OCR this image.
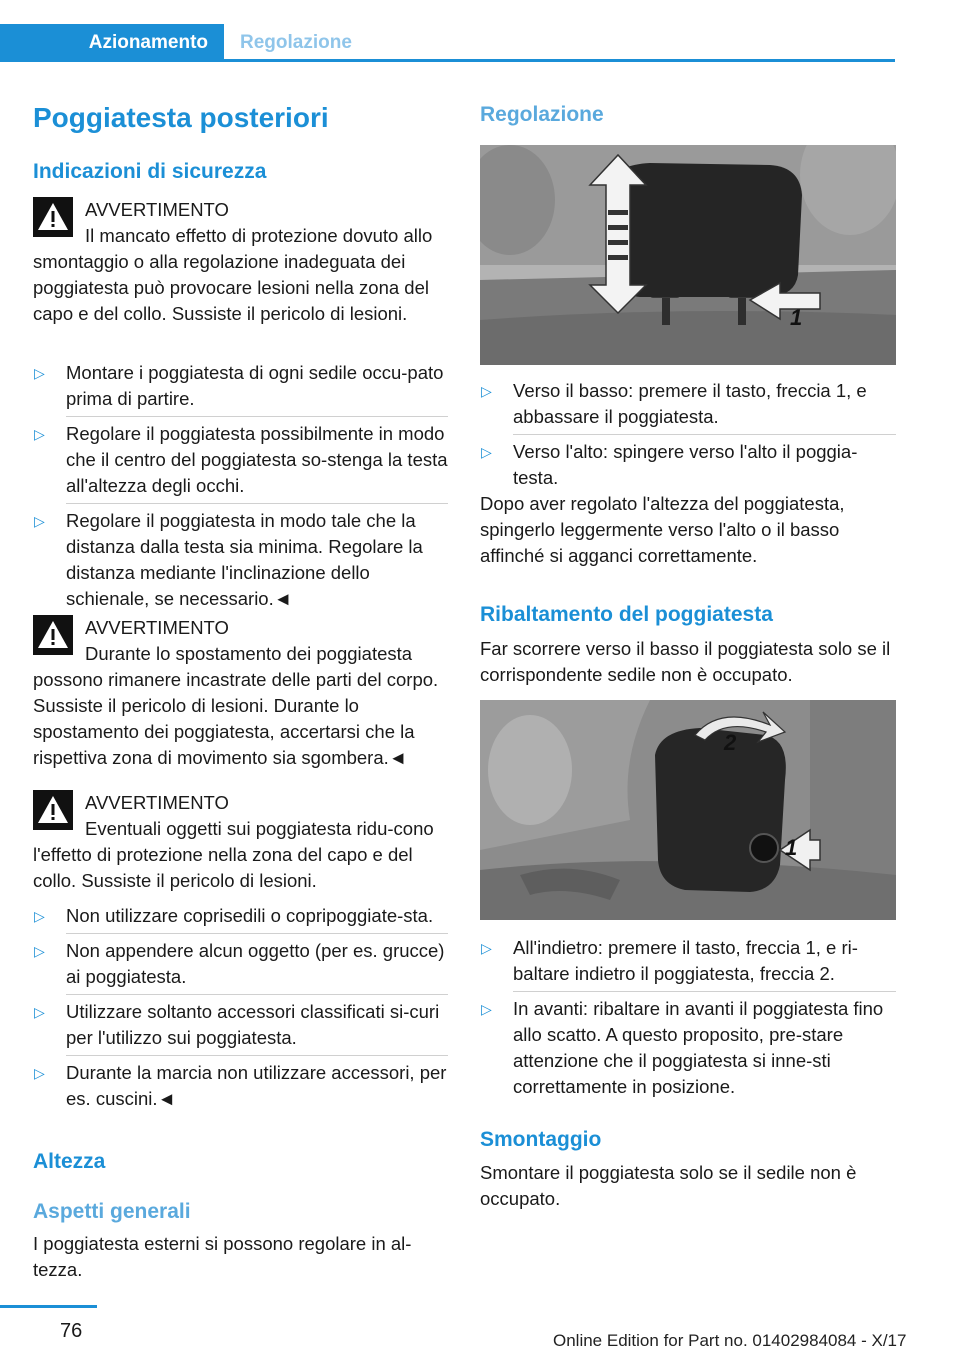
Azionamento	Regolazione
Poggiatesta posteriori
Indicazioni di sicurezza
AVVERTIMENTO
Il mancato effetto di protezione dovuto allo smontaggio o alla regolazione inadeguata dei poggiatesta può provocare lesioni nella zona del capo e del collo. Sussiste il pericolo di lesioni.
▷ Montare i poggiatesta di ogni sedile occu-pato prima di partire.
▷ Regolare il poggiatesta possibilmente in modo che il centro del poggiatesta so-stenga la testa all'altezza degli occhi.
▷ Regolare il poggiatesta in modo tale che la distanza dalla testa sia minima. Regolare la distanza mediante l'inclinazione dello schienale, se necessario.◄
AVVERTIMENTO
Durante lo spostamento dei poggiatesta possono rimanere incastrate delle parti del corpo. Sussiste il pericolo di lesioni. Durante lo spostamento dei poggiatesta, accertarsi che la rispettiva zona di movimento sia sgombera.◄
AVVERTIMENTO
Eventuali oggetti sui poggiatesta ridu-cono l'effetto di protezione nella zona del capo e del collo. Sussiste il pericolo di lesioni.
▷ Non utilizzare coprisedili o copripoggiate-sta.
▷ Non appendere alcun oggetto (per es. grucce) ai poggiatesta.
▷ Utilizzare soltanto accessori classificati si-curi per l'utilizzo sui poggiatesta.
▷ Durante la marcia non utilizzare accessori, per es. cuscini.◄
Altezza
Aspetti generali
I poggiatesta esterni si possono regolare in al-tezza.
Regolazione
1
▷ Verso il basso: premere il tasto, freccia 1, e abbassare il poggiatesta.
▷ Verso l'alto: spingere verso l'alto il poggia-testa.
Dopo aver regolato l'altezza del poggiatesta, spingerlo leggermente verso l'alto o il basso affinché si agganci correttamente.
Ribaltamento del poggiatesta
Far scorrere verso il basso il poggiatesta solo se il corrispondente sedile non è occupato.
1
2
▷ All'indietro: premere il tasto, freccia 1, e ri-baltare indietro il poggiatesta, freccia 2.
▷ In avanti: ribaltare in avanti il poggiatesta fino allo scatto. A questo proposito, pre-stare attenzione che il poggiatesta si inne-sti correttamente in posizione.
Smontaggio
Smontare il poggiatesta solo se il sedile non è occupato.
76	Online Edition for Part no. 01402984084 - X/17
